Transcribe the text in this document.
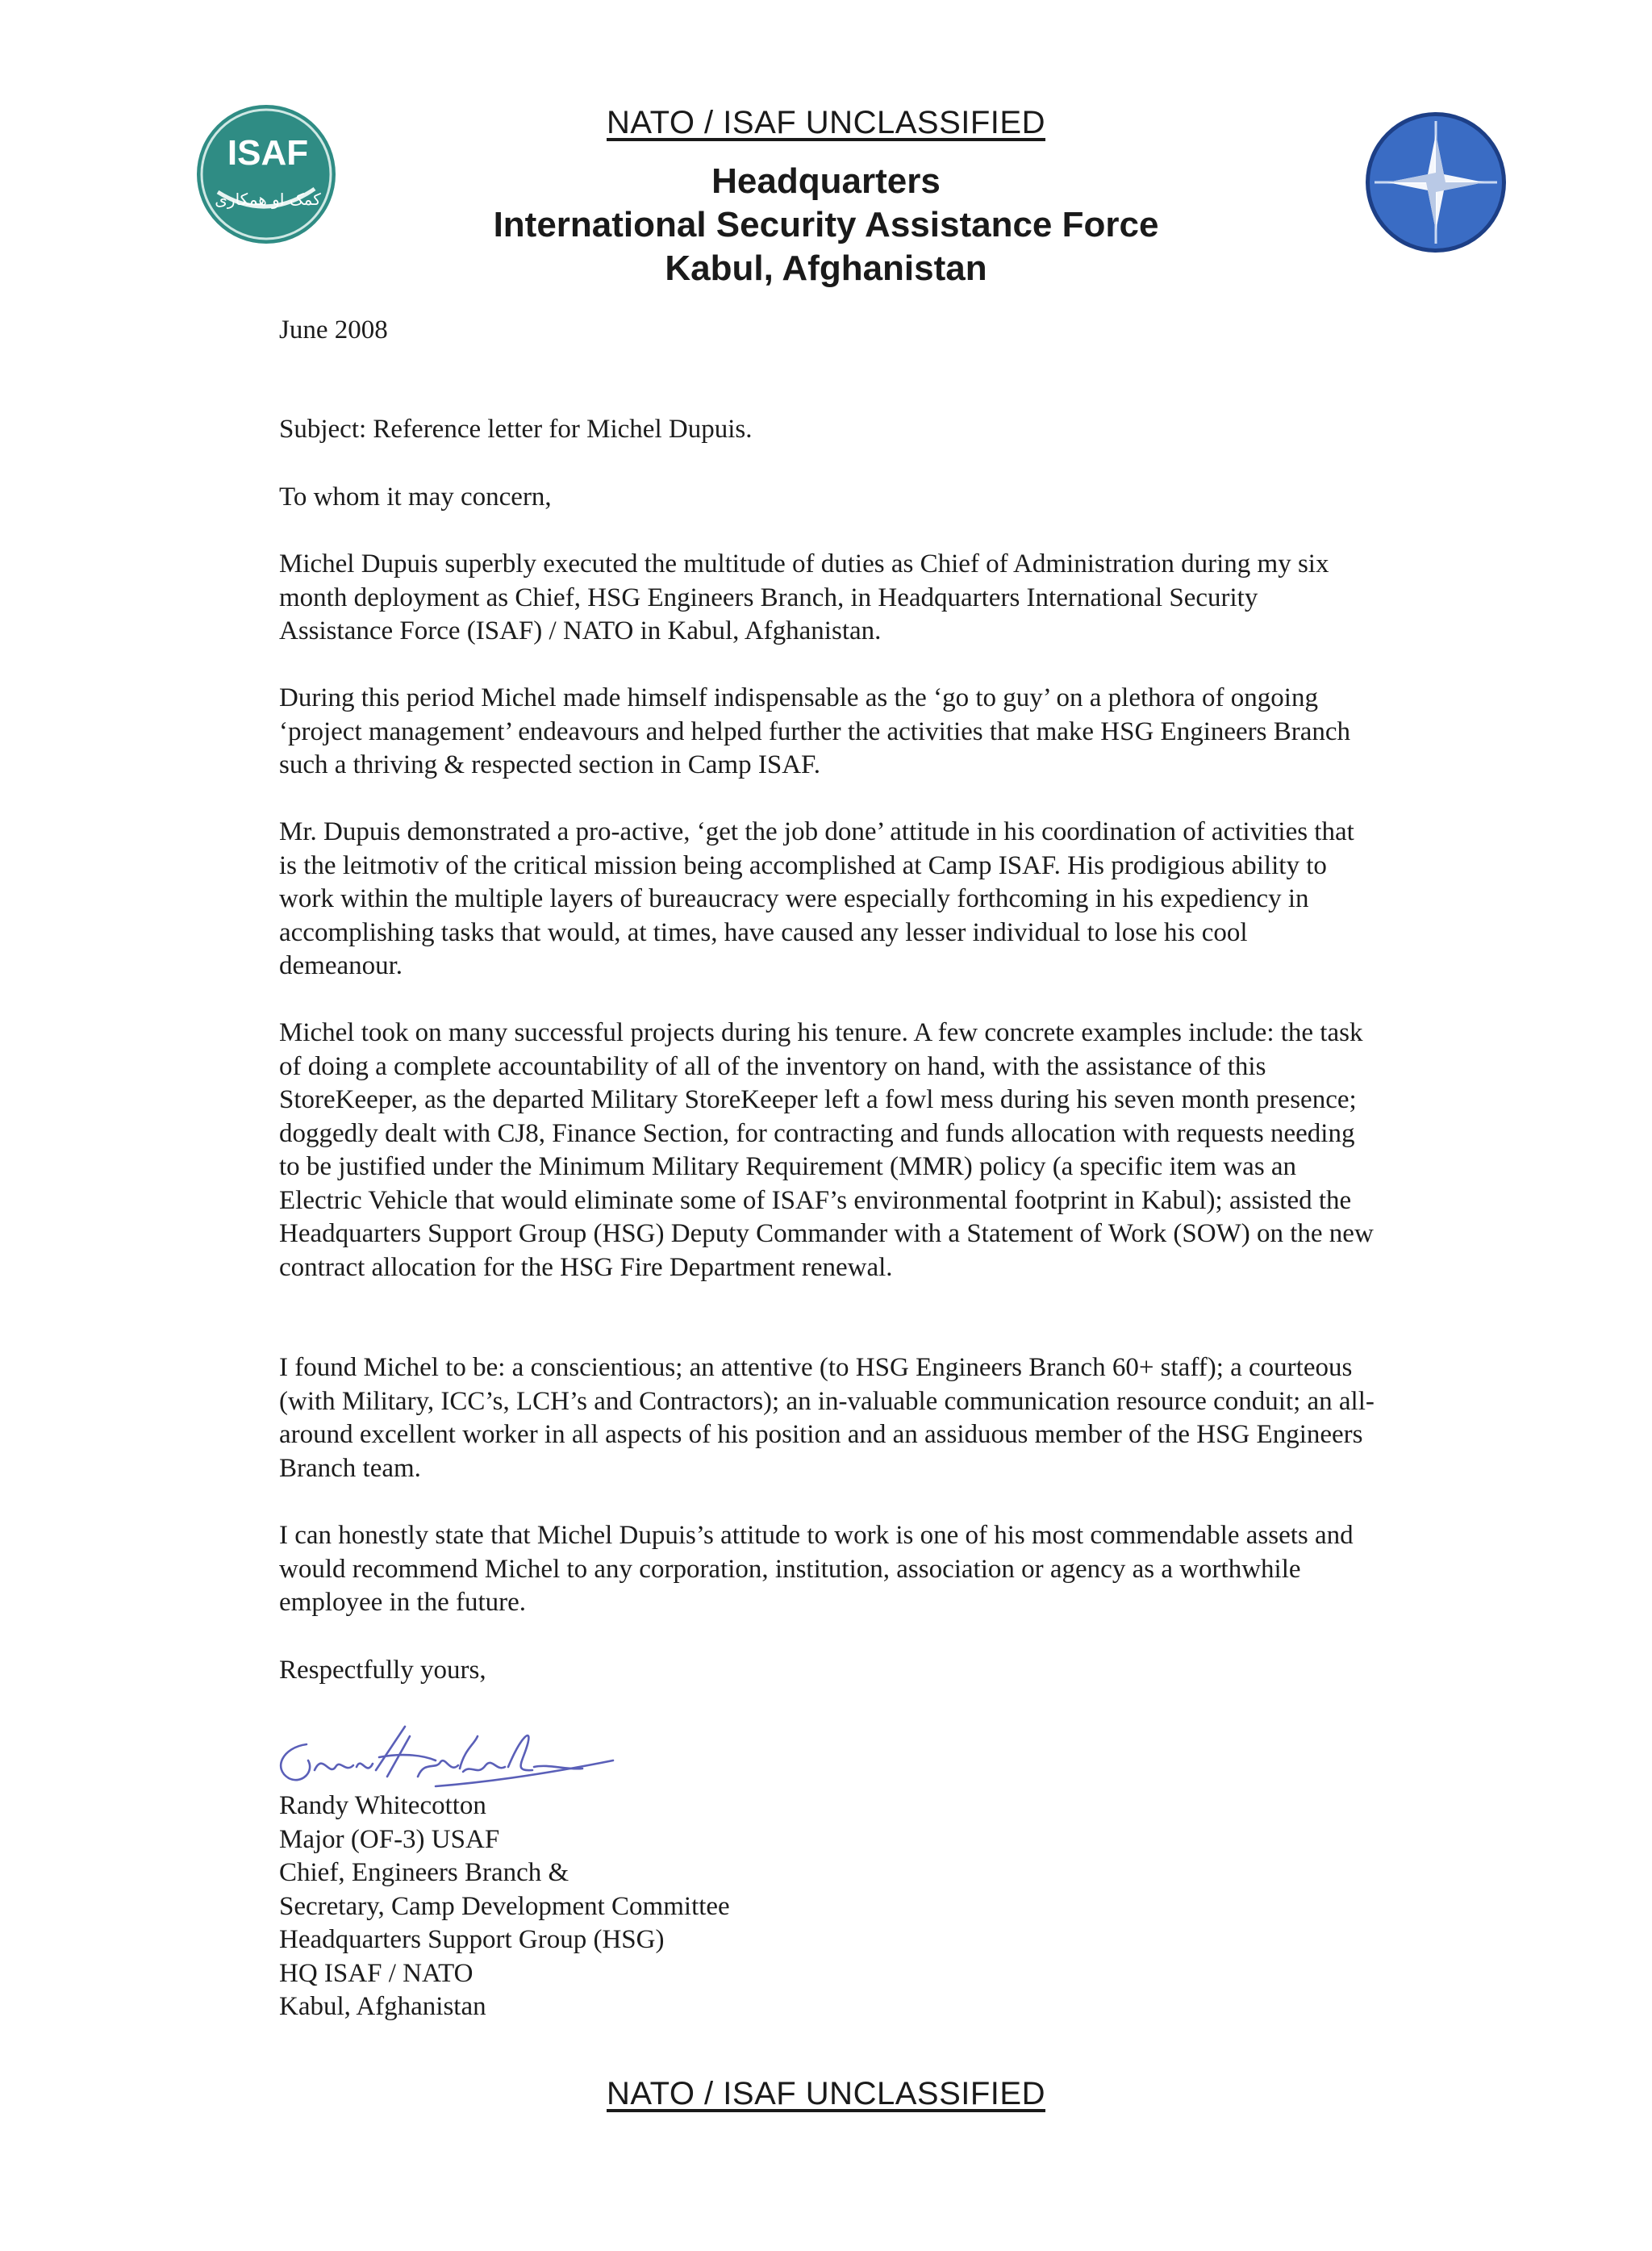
ISAF
کمک او همکاری
NATO / ISAF UNCLASSIFIED
Headquarters
International Security Assistance Force
Kabul, Afghanistan
June 2008
Subject: Reference letter for Michel Dupuis.
To whom it may concern,
Michel Dupuis superbly executed the multitude of duties as Chief of Administration during my six month deployment as Chief, HSG Engineers Branch, in Headquarters International Security Assistance Force (ISAF) / NATO in Kabul, Afghanistan.
During this period Michel made himself indispensable as the ‘go to guy’ on a plethora of ongoing ‘project management’ endeavours and helped further the activities that make HSG Engineers Branch such a thriving & respected section in Camp ISAF.
Mr. Dupuis demonstrated a pro-active, ‘get the job done’ attitude in his coordination of activities that is the leitmotiv of the critical mission being accomplished at Camp ISAF. His prodigious ability to work within the multiple layers of bureaucracy were especially forthcoming in his expediency in accomplishing tasks that would, at times, have caused any lesser individual to lose his cool demeanour.
Michel took on many successful projects during his tenure. A few concrete examples include: the task of doing a complete accountability of all of the inventory on hand, with the assistance of this StoreKeeper, as the departed Military StoreKeeper left a fowl mess during his seven month presence; doggedly dealt with CJ8, Finance Section, for contracting and funds allocation with requests needing to be justified under the Minimum Military Requirement (MMR) policy (a specific item was an Electric Vehicle that would eliminate some of ISAF’s environmental footprint in Kabul); assisted the Headquarters Support Group (HSG) Deputy Commander with a Statement of Work (SOW) on the new contract allocation for the HSG Fire Department renewal.
I found Michel to be: a conscientious; an attentive (to HSG Engineers Branch 60+ staff); a courteous (with Military, ICC’s, LCH’s and Contractors); an in-valuable communication resource conduit; an all-around excellent worker in all aspects of his position and an assiduous member of the HSG Engineers Branch team.
I can honestly state that Michel Dupuis’s attitude to work is one of his most commendable assets and would recommend Michel to any corporation, institution, association or agency as a worthwhile employee in the future.
Respectfully yours,
Randy Whitecotton
Major (OF-3) USAF
Chief, Engineers Branch &
Secretary, Camp Development Committee
Headquarters Support Group (HSG)
HQ ISAF / NATO
Kabul, Afghanistan
NATO / ISAF UNCLASSIFIED
